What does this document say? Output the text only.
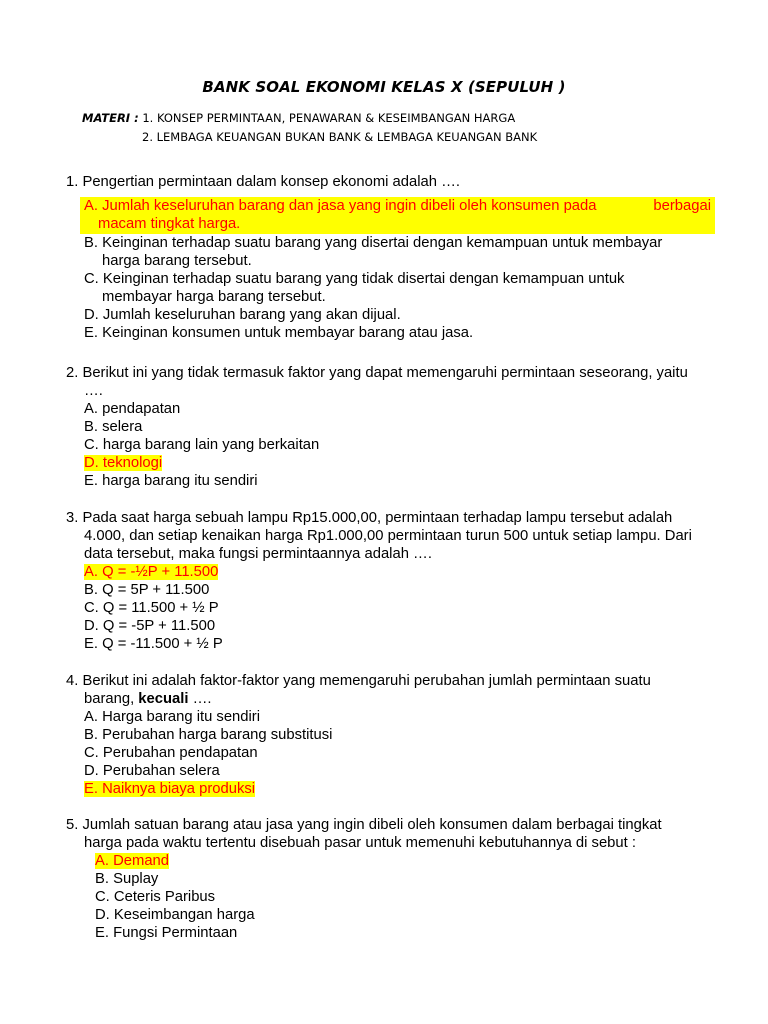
BANK SOAL EKONOMI KELAS X (SEPULUH )
MATERI : 1. KONSEP PERMINTAAN, PENAWARAN & KESEIMBANGAN HARGA
2. LEMBAGA KEUANGAN BUKAN BANK & LEMBAGA KEUANGAN BANK
1. Pengertian permintaan dalam konsep ekonomi adalah ….
A. Jumlah keseluruhan barang dan jasa yang ingin dibeli oleh konsumen pada	berbagai
macam tingkat harga.
B. Keinginan terhadap suatu barang yang disertai dengan kemampuan untuk membayar
harga barang tersebut.
C. Keinginan terhadap suatu barang yang tidak disertai dengan kemampuan untuk
membayar harga barang tersebut.
D. Jumlah keseluruhan barang yang akan dijual.
E. Keinginan konsumen untuk membayar barang atau jasa.
2. Berikut ini yang tidak termasuk faktor yang dapat memengaruhi permintaan seseorang, yaitu
….
A. pendapatan
B. selera
C. harga barang lain yang berkaitan
D. teknologi
E. harga barang itu sendiri
3. Pada saat harga sebuah lampu Rp15.000,00, permintaan terhadap lampu tersebut adalah
4.000, dan setiap kenaikan harga Rp1.000,00 permintaan turun 500 untuk setiap lampu. Dari
data tersebut, maka fungsi permintaannya adalah ….
A. Q = -½P + 11.500
B. Q = 5P + 11.500
C. Q = 11.500 + ½ P
D. Q = -5P + 11.500
E. Q = -11.500 + ½ P
4. Berikut ini adalah faktor-faktor yang memengaruhi perubahan jumlah permintaan suatu
barang, kecuali ….
A. Harga barang itu sendiri
B. Perubahan harga barang substitusi
C. Perubahan pendapatan
D. Perubahan selera
E. Naiknya biaya produksi
5. Jumlah satuan barang atau jasa yang ingin dibeli oleh konsumen dalam berbagai tingkat
harga pada waktu tertentu disebuah pasar untuk memenuhi kebutuhannya di sebut :
A. Demand
B. Suplay
C. Ceteris Paribus
D. Keseimbangan harga
E. Fungsi Permintaan
